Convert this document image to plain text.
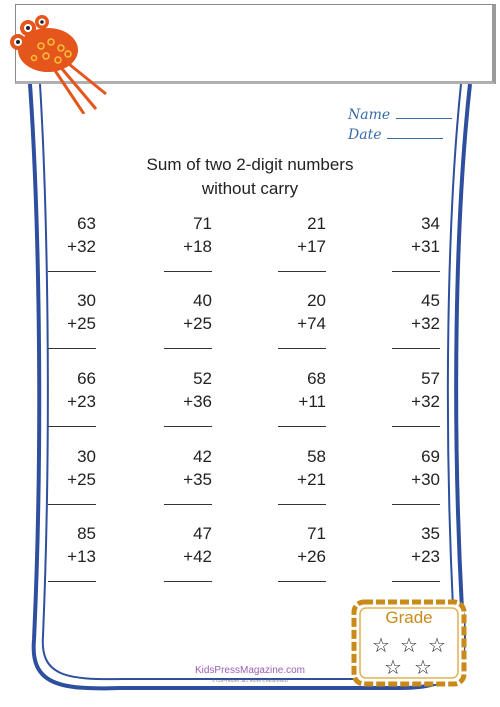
Name
Date
Sum of two 2-digit numbers
without carry
63
+32
71
+18
21
+17
34
+31
30
+25
40
+25
20
+74
45
+32
66
+23
52
+36
68
+11
57
+32
30
+25
42
+35
58
+21
69
+30
85
+13
47
+42
71
+26
35
+23
Grade
☆ ☆ ☆
☆ ☆
KidsPressMagazine.com
© COPYRIGHT. ALL RIGHTS RESERVED
